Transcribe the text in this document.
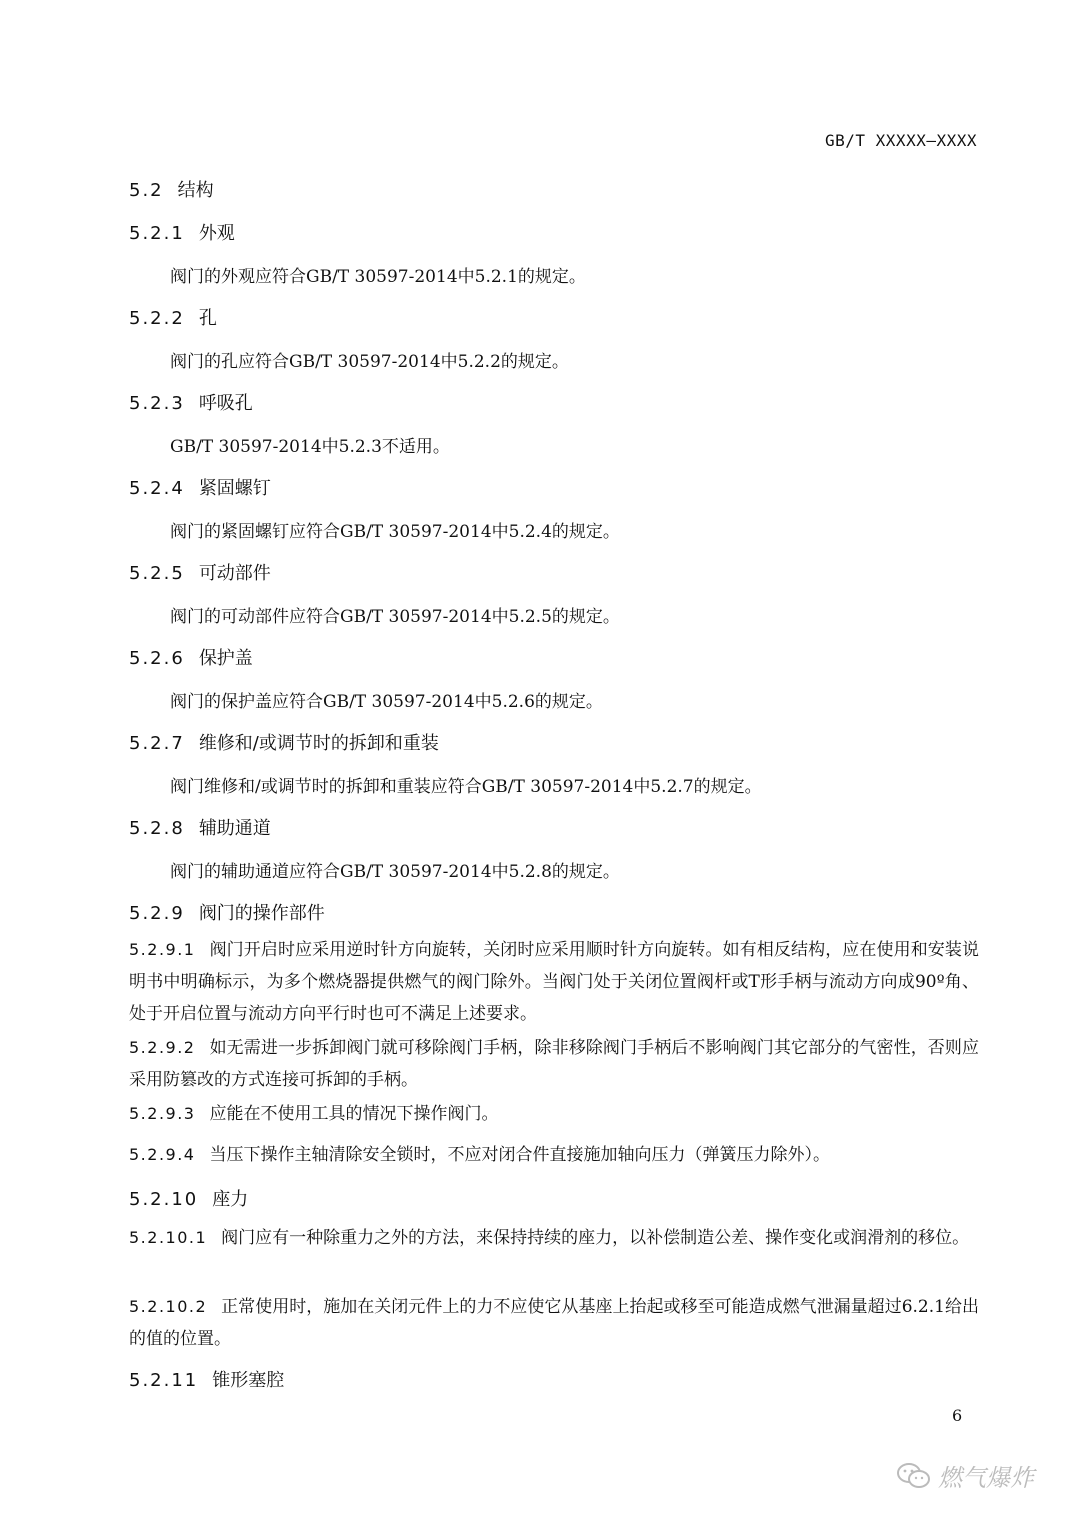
GB/T XXXXX—XXXX
5.2 结构
5.2.1 外观
阀门的外观应符合GB/T 30597-2014中5.2.1的规定。
5.2.2 孔
阀门的孔应符合GB/T 30597-2014中5.2.2的规定。
5.2.3 呼吸孔
GB/T 30597-2014中5.2.3不适用。
5.2.4 紧固螺钉
阀门的紧固螺钉应符合GB/T 30597-2014中5.2.4的规定。
5.2.5 可动部件
阀门的可动部件应符合GB/T 30597-2014中5.2.5的规定。
5.2.6 保护盖
阀门的保护盖应符合GB/T 30597-2014中5.2.6的规定。
5.2.7 维修和/或调节时的拆卸和重装
阀门维修和/或调节时的拆卸和重装应符合GB/T 30597-2014中5.2.7的规定。
5.2.8 辅助通道
阀门的辅助通道应符合GB/T 30597-2014中5.2.8的规定。
5.2.9 阀门的操作部件
5.2.9.1 阀门开启时应采用逆时针方向旋转，关闭时应采用顺时针方向旋转。如有相反结构，应在使用和安装说明书中明确标示，为多个燃烧器提供燃气的阀门除外。当阀门处于关闭位置阀杆或T形手柄与流动方向成90º角、处于开启位置与流动方向平行时也可不满足上述要求。
5.2.9.2 如无需进一步拆卸阀门就可移除阀门手柄，除非移除阀门手柄后不影响阀门其它部分的气密性，否则应采用防篡改的方式连接可拆卸的手柄。
5.2.9.3 应能在不使用工具的情况下操作阀门。
5.2.9.4 当压下操作主轴清除安全锁时，不应对闭合件直接施加轴向压力（弹簧压力除外）。
5.2.10 座力
5.2.10.1 阀门应有一种除重力之外的方法，来保持持续的座力，以补偿制造公差、操作变化或润滑剂的移位。
5.2.10.2 正常使用时，施加在关闭元件上的力不应使它从基座上抬起或移至可能造成燃气泄漏量超过6.2.1给出的值的位置。
5.2.11 锥形塞腔
6
燃气爆炸
